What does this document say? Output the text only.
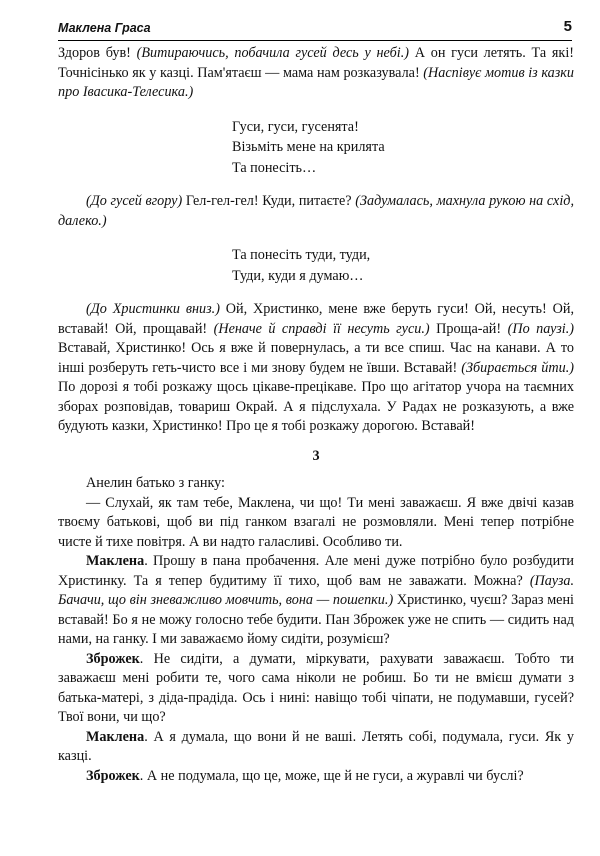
Маклена Граса	5

Здоров був! (Витираючись, побачила гусей десь у небі.) А он гуси летять. Та які! Точнісінько як у казці. Пам'ятаєш — мама нам розказувала! (Наспівує мотив із казки про Івасика-Телесика.)

Гуси, гуси, гусенята!
Візьміть мене на крилята
Та понесіть…

(До гусей вгору) Гел-гел-гел! Куди, питаєте? (Задумалась, махнула рукою на схід, далеко.)

Та понесіть туди, туди,
Туди, куди я думаю…

(До Христинки вниз.) Ой, Христинко, мене вже беруть гуси! Ой, несуть! Ой, вставай! Ой, прощавай! (Неначе й справді її несуть гуси.) Проща-ай! (По паузі.) Вставай, Христинко! Ось я вже й повернулась, а ти все спиш. Час на канави. А то інші розберуть геть-чисто все і ми знову будем не ївши. Вставай! (Збирається йти.) По дорозі я тобі розкажу щось цікаве-прецікаве. Про що агітатор учора на таємних зборах розповідав, товариш Окрай. А я підслухала. У Радах не розказують, а вже будують казки, Христинко! Про це я тобі розкажу дорогою. Вставай!

3

Анелин батько з ганку:

— Слухай, як там тебе, Маклена, чи що! Ти мені заважаєш. Я вже двічі казав твоєму батькові, щоб ви під ганком взагалі не розмовляли. Мені тепер потрібне чисте й тихе повітря. А ви надто галасливі. Особливо ти.

Маклена. Прошу в пана пробачення. Але мені дуже потрібно було розбудити Христинку. Та я тепер будитиму її тихо, щоб вам не заважати. Можна? (Пауза. Бачачи, що він зневажливо мовчить, вона — пошепки.) Христинко, чуєш? Зараз мені вставай! Бо я не можу голосно тебе будити. Пан Зброжек уже не спить — сидить над нами, на ганку. І ми заважаємо йому сидіти, розумієш?

Зброжек. Не сидіти, а думати, міркувати, рахувати заважаєш. Тобто ти заважаєш мені робити те, чого сама ніколи не робиш. Бо ти не вмієш думати з батька-матері, з діда-прадіда. Ось і нині: навіщо тобі чіпати, не подумавши, гусей? Твої вони, чи що?

Маклена. А я думала, що вони й не ваші. Летять собі, подумала, гуси. Як у казці.

Зброжек. А не подумала, що це, може, ще й не гуси, а журавлі чи буслі?
